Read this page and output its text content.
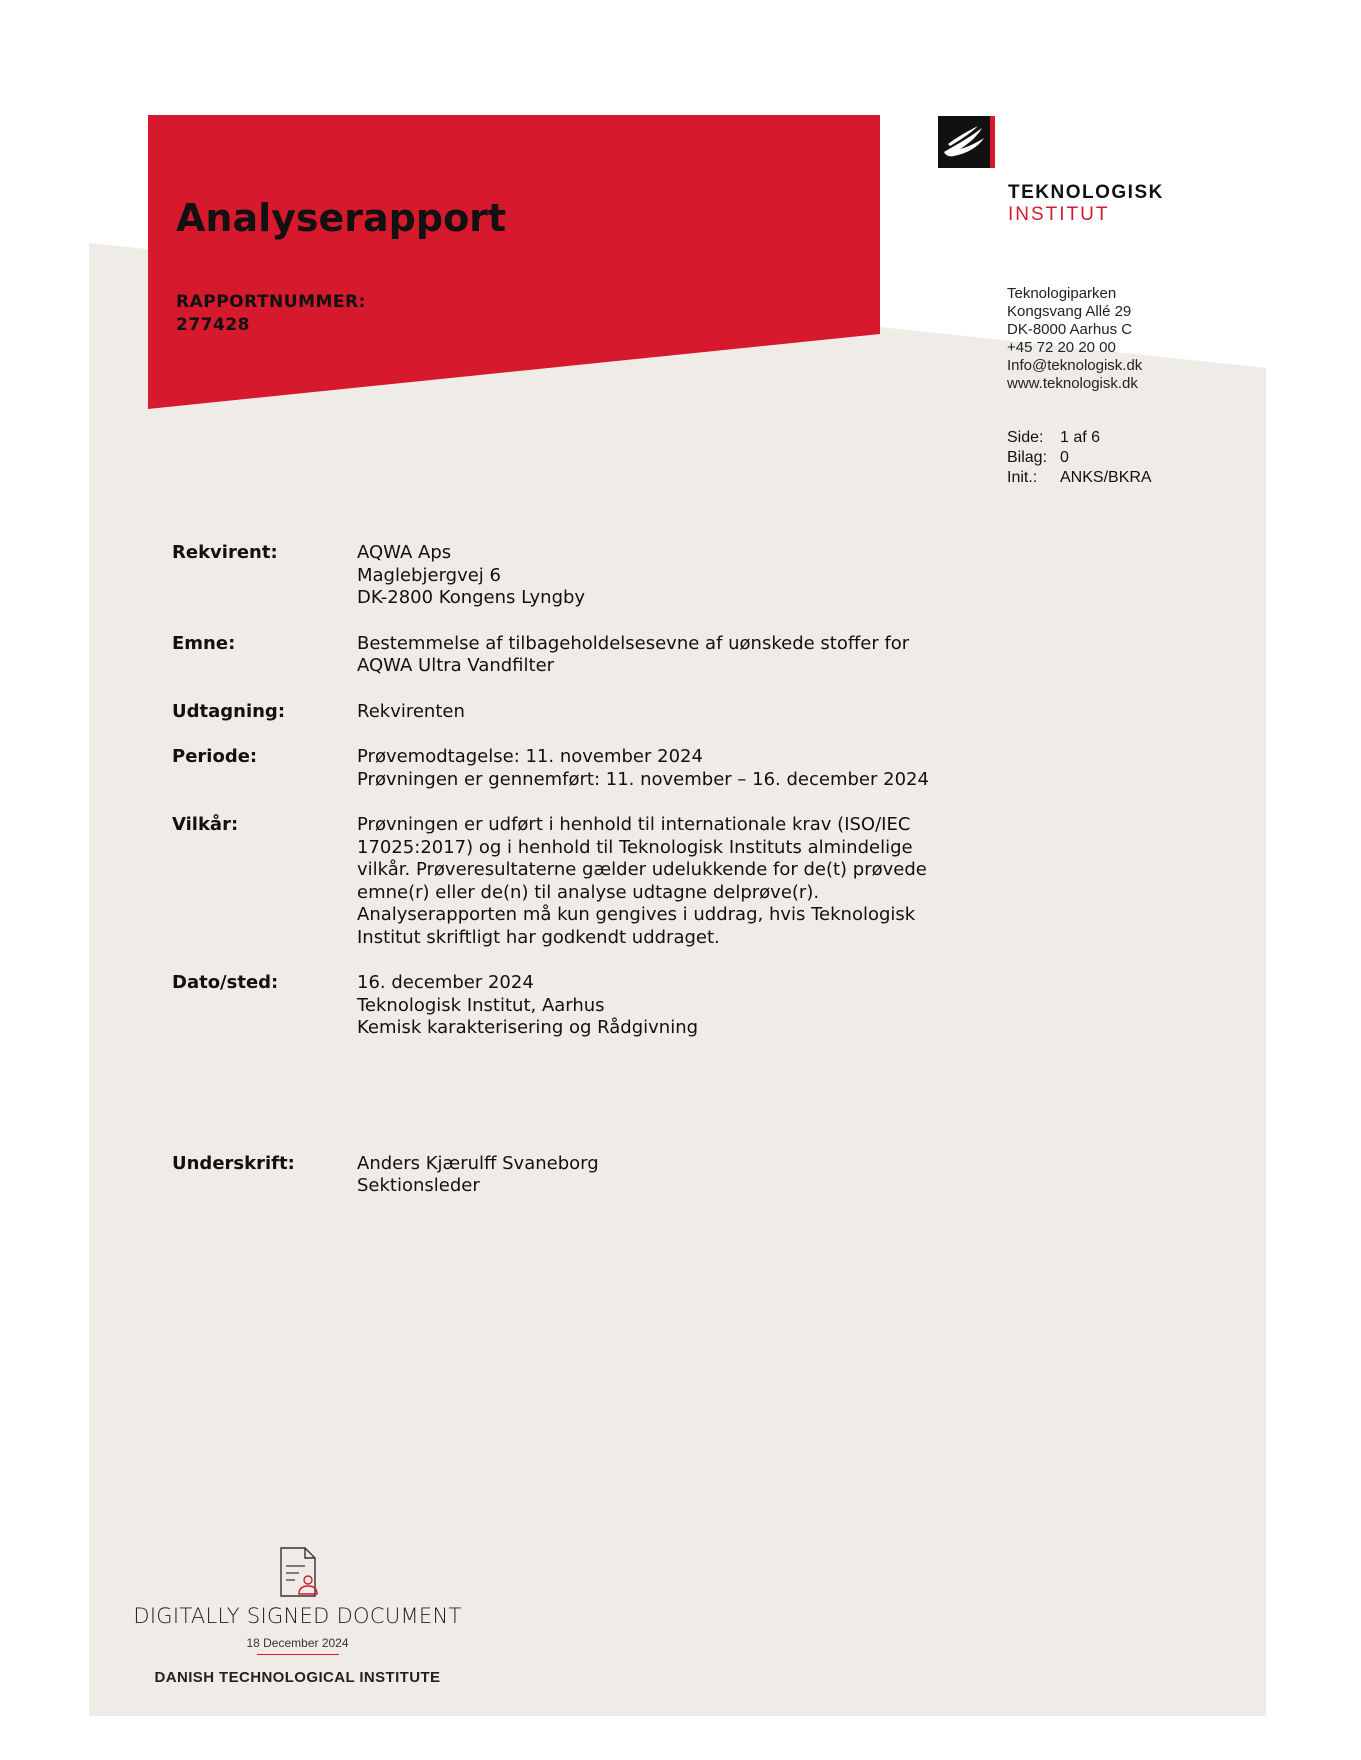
Analyserapport
RAPPORTNUMMER:
277428
TEKNOLOGISK
INSTITUT
Teknologiparken
Kongsvang Allé 29
DK-8000 Aarhus C
+45 72 20 20 00
Info@teknologisk.dk
www.teknologisk.dk
Side:	1 af 6
Bilag: 0
Init.:	ANKS/BKRA
Rekvirent:	AQWA Aps
Maglebjergvej 6
DK-2800 Kongens Lyngby
Emne:	Bestemmelse af tilbageholdelsesevne af uønskede stoffer for
AQWA Ultra Vandfilter
Udtagning:	Rekvirenten
Periode:	Prøvemodtagelse: 11. november 2024
Prøvningen er gennemført: 11. november – 16. december 2024
Vilkår:	Prøvningen er udført i henhold til internationale krav (ISO/IEC
17025:2017) og i henhold til Teknologisk Instituts almindelige
vilkår. Prøveresultaterne gælder udelukkende for de(t) prøvede
emne(r) eller de(n) til analyse udtagne delprøve(r).
Analyserapporten må kun gengives i uddrag, hvis Teknologisk
Institut skriftligt har godkendt uddraget.
Dato/sted:	16. december 2024
Teknologisk Institut, Aarhus
Kemisk karakterisering og Rådgivning
Underskrift:	Anders Kjærulff Svaneborg
Sektionsleder
DIGITALLY SIGNED DOCUMENT
18 December 2024
DANISH TECHNOLOGICAL INSTITUTE
